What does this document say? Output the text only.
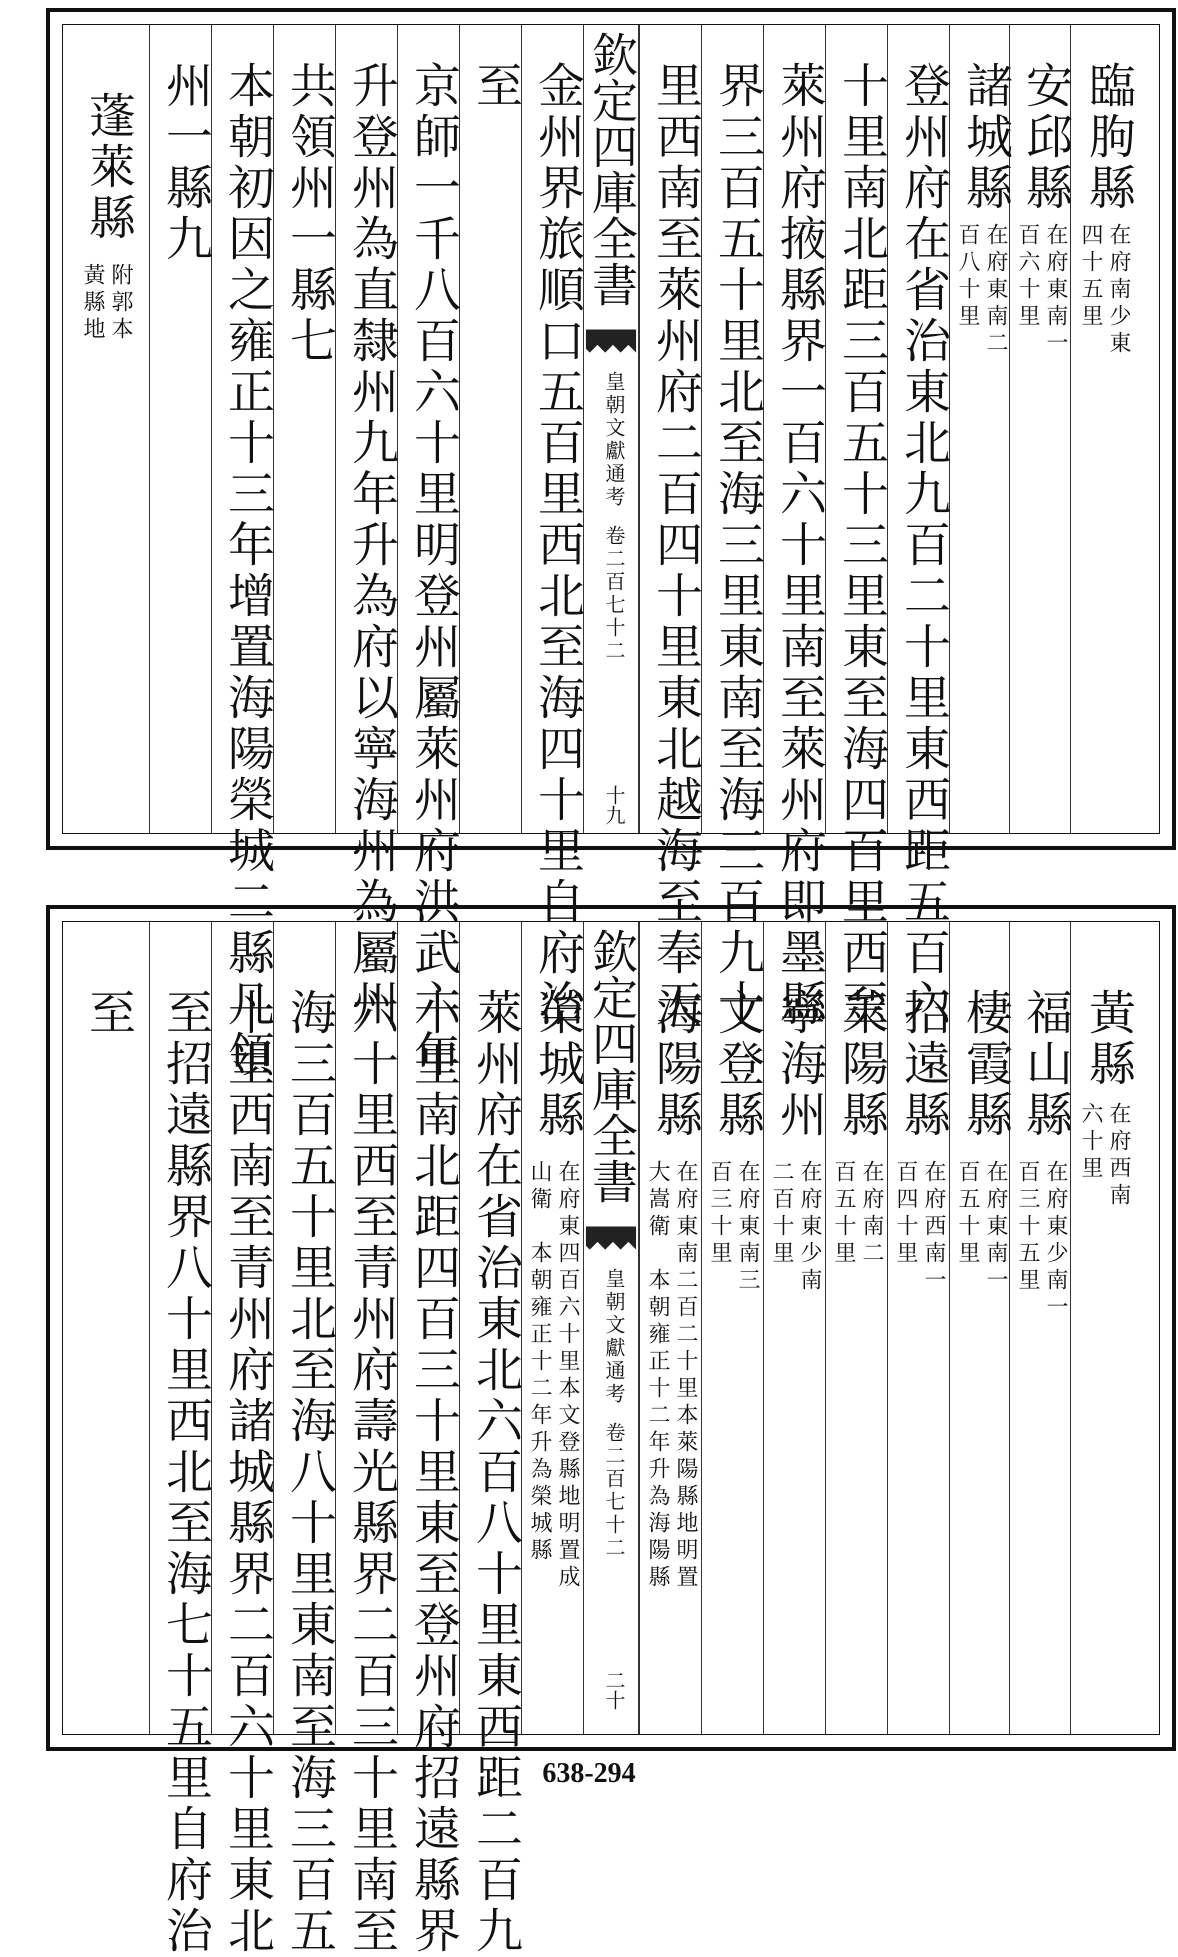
臨朐縣
在府南少東
四十五里
安邱縣
在府東南一
百六十里
諸城縣
在府東南二
百八十里
登州府在省治東北九百二十里東西距五百六
十里南北距三百五十三里東至海四百里西至
萊州府掖縣界一百六十里南至萊州府即墨縣
界三百五十里北至海三里東南至海三百九十
里西南至萊州府二百四十里東北越海至奉天
欽定四庫全書
皇朝文獻通考
卷二百七十二
十九
金州界旅順口五百里西北至海四十里自府治
至
京師一千八百六十里明登州屬萊州府洪武六年
升登州為直隸州九年升為府以寧海州為屬州
共領州一縣七
本朝初因之雍正十三年增置海陽榮城二縣凡領
州一縣九
蓬萊縣
附郭本
黃縣地
黃縣
在府西南
六十里
福山縣
在府東少南一
百三十五里
棲霞縣
在府東南一
百五十里
招遠縣
在府西南一
百四十里
萊陽縣
在府南二
百五十里
寧海州
在府東少南
二百十里
文登縣
在府東南三
百三十里
海陽縣
在府東南二百二十里本萊陽縣地明置
大嵩衛　本朝雍正十二年升為海陽縣
欽定四庫全書
皇朝文獻通考
卷二百七十二
二十
榮城縣
在府東四百六十里本文登縣地明置成
山衛　本朝雍正十二年升為榮城縣
萊州府在省治東北六百八十里東西距二百九
十里南北距四百三十里東至登州府招遠縣界
六十里西至青州府壽光縣界二百三十里南至
海三百五十里北至海八十里東南至海三百五
十里西南至青州府諸城縣界二百六十里東北
至招遠縣界八十里西北至海七十五里自府治
至
638-294
